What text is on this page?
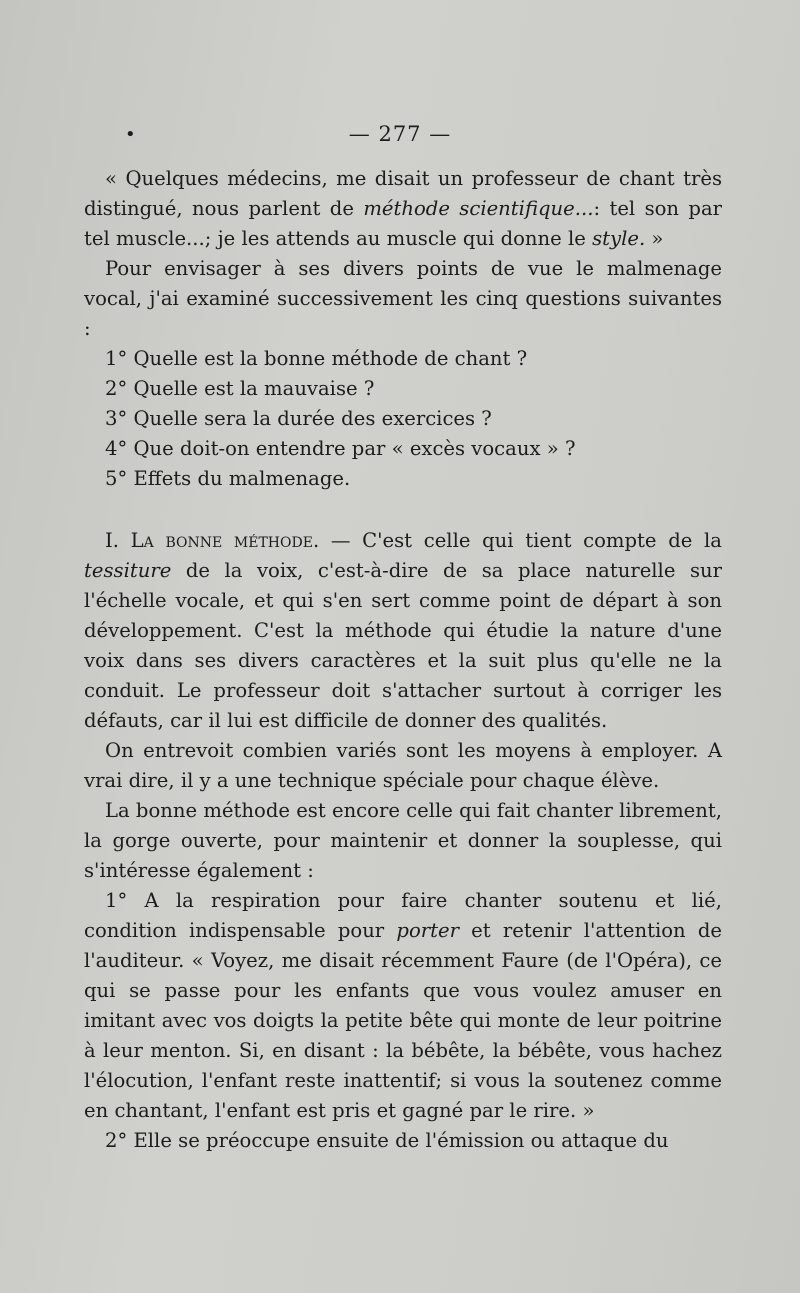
•	— 277 —

« Quelques médecins, me disait un professeur de chant très distingué, nous parlent de méthode scientifique...: tel son par tel muscle...; je les attends au muscle qui donne le style. »

Pour envisager à ses divers points de vue le malmenage vocal, j'ai examiné successivement les cinq questions suivantes :

1° Quelle est la bonne méthode de chant ?
2° Quelle est la mauvaise ?
3° Quelle sera la durée des exercices ?
4° Que doit-on entendre par « excès vocaux » ?
5° Effets du malmenage.

I. La bonne méthode. — C'est celle qui tient compte de la tessiture de la voix, c'est-à-dire de sa place naturelle sur l'échelle vocale, et qui s'en sert comme point de départ à son développement. C'est la méthode qui étudie la nature d'une voix dans ses divers caractères et la suit plus qu'elle ne la conduit. Le professeur doit s'attacher surtout à corriger les défauts, car il lui est difficile de donner des qualités.

On entrevoit combien variés sont les moyens à employer. A vrai dire, il y a une technique spéciale pour chaque élève.

La bonne méthode est encore celle qui fait chanter librement, la gorge ouverte, pour maintenir et donner la souplesse, qui s'intéresse également :

1° A la respiration pour faire chanter soutenu et lié, condition indispensable pour porter et retenir l'attention de l'auditeur. « Voyez, me disait récemment Faure (de l'Opéra), ce qui se passe pour les enfants que vous voulez amuser en imitant avec vos doigts la petite bête qui monte de leur poitrine à leur menton. Si, en disant : la bébête, la bébête, vous hachez l'élocution, l'enfant reste inattentif; si vous la soutenez comme en chantant, l'enfant est pris et gagné par le rire. »

2° Elle se préoccupe ensuite de l'émission ou attaque du
